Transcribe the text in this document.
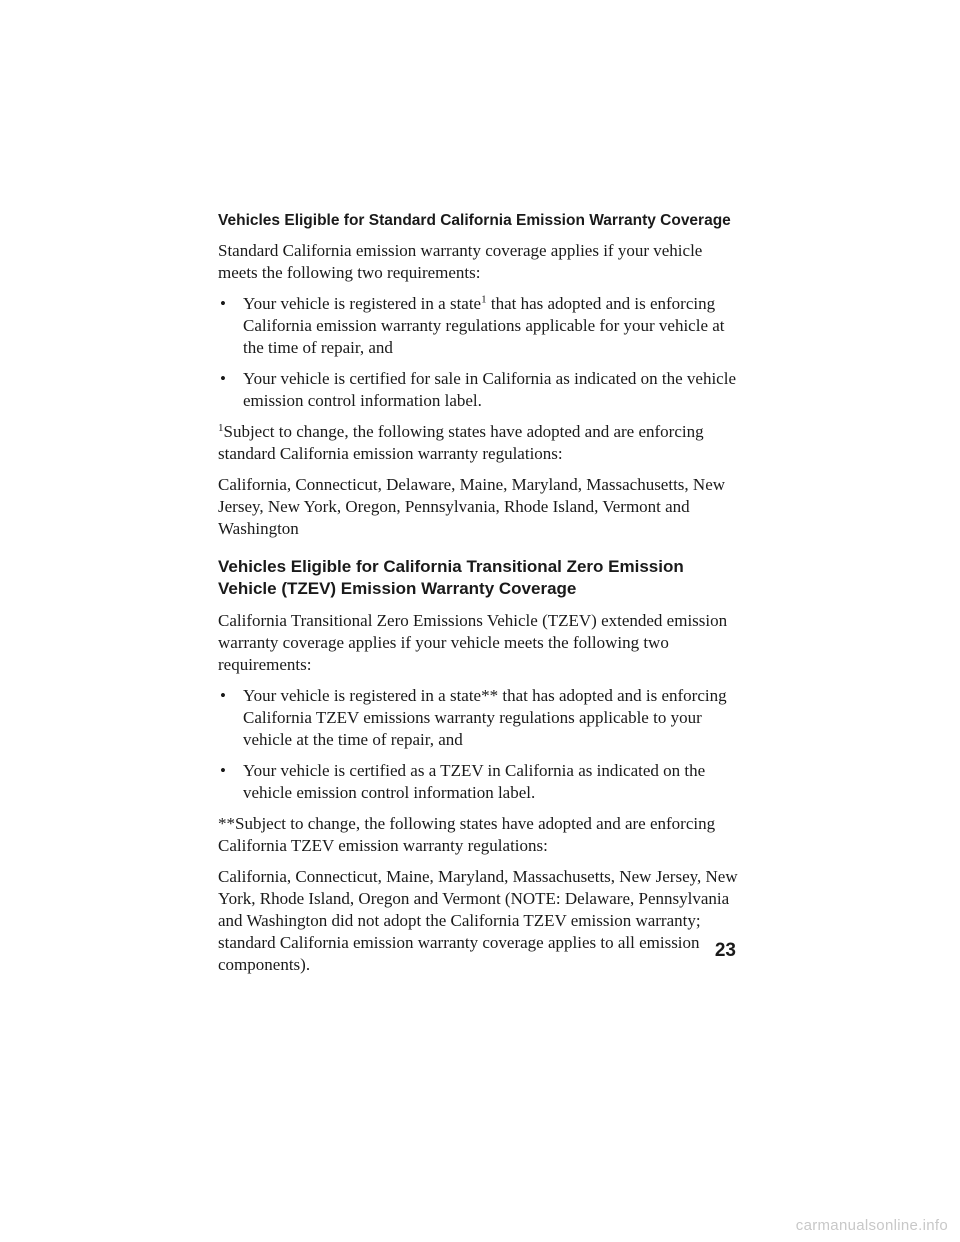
Vehicles Eligible for Standard California Emission Warranty Coverage

Standard California emission warranty coverage applies if your vehicle meets the following two requirements:

• Your vehicle is registered in a state$^1$ that has adopted and is enforcing California emission warranty regulations applicable for your vehicle at the time of repair, and
• Your vehicle is certified for sale in California as indicated on the vehicle emission control information label.

$^1$Subject to change, the following states have adopted and are enforcing standard California emission warranty regulations:

California, Connecticut, Delaware, Maine, Maryland, Massachusetts, New Jersey, New York, Oregon, Pennsylvania, Rhode Island, Vermont and Washington

Vehicles Eligible for California Transitional Zero Emission Vehicle (TZEV) Emission Warranty Coverage

California Transitional Zero Emissions Vehicle (TZEV) extended emission warranty coverage applies if your vehicle meets the following two requirements:

• Your vehicle is registered in a state** that has adopted and is enforcing California TZEV emissions warranty regulations applicable to your vehicle at the time of repair, and
• Your vehicle is certified as a TZEV in California as indicated on the vehicle emission control information label.

**Subject to change, the following states have adopted and are enforcing California TZEV emission warranty regulations:

California, Connecticut, Maine, Maryland, Massachusetts, New Jersey, New York, Rhode Island, Oregon and Vermont (NOTE: Delaware, Pennsylvania and Washington did not adopt the California TZEV emission warranty; standard California emission warranty coverage applies to all emission components).

23
carmanualsonline.info
